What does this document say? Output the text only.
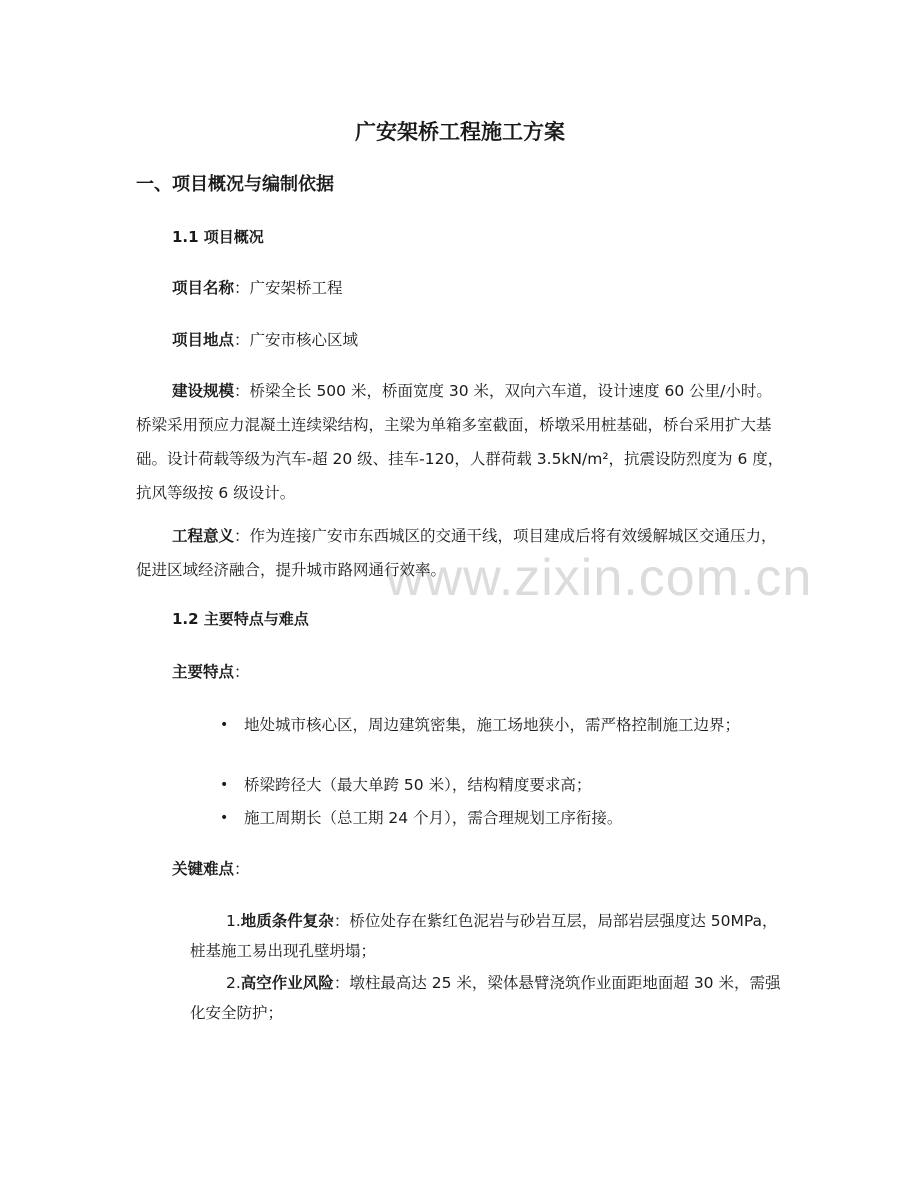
www.zixin.com.cn
广安架桥工程施工方案
一、项目概况与编制依据
1.1 项目概况
项目名称：广安架桥工程
项目地点：广安市核心区域
建设规模：桥梁全长 500 米，桥面宽度 30 米，双向六车道，设计速度 60 公里/小时。桥梁采用预应力混凝土连续梁结构，主梁为单箱多室截面，桥墩采用桩基础，桥台采用扩大基础。设计荷载等级为汽车-超 20 级、挂车-120，人群荷载 3.5kN/m²，抗震设防烈度为 6 度，抗风等级按 6 级设计。
工程意义：作为连接广安市东西城区的交通干线，项目建成后将有效缓解城区交通压力，促进区域经济融合，提升城市路网通行效率。
1.2 主要特点与难点
主要特点：
•	地处城市核心区，周边建筑密集，施工场地狭小，需严格控制施工边界；
•	桥梁跨径大（最大单跨 50 米），结构精度要求高；
•	施工周期长（总工期 24 个月），需合理规划工序衔接。
关键难点：
1.地质条件复杂：桥位处存在紫红色泥岩与砂岩互层，局部岩层强度达 50MPa，桩基施工易出现孔壁坍塌；
2.高空作业风险：墩柱最高达 25 米，梁体悬臂浇筑作业面距地面超 30 米，需强化安全防护；
